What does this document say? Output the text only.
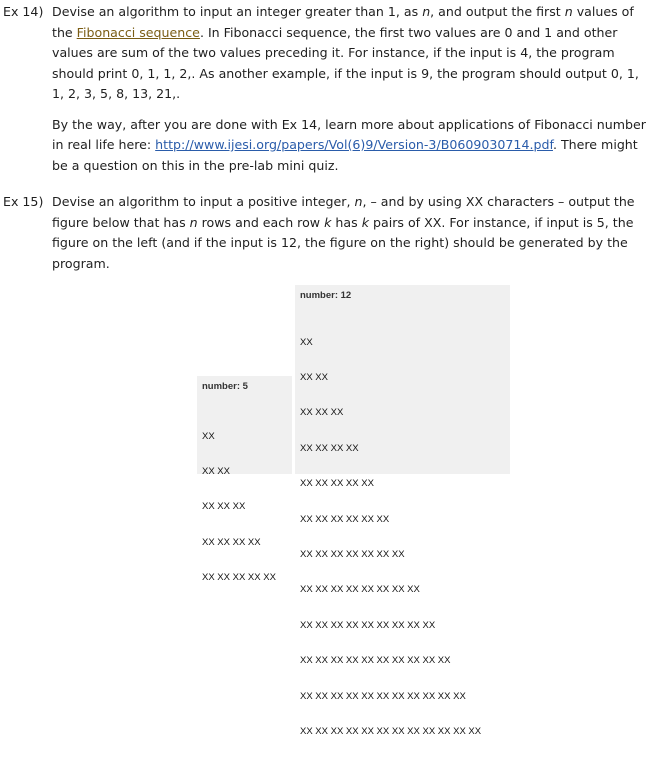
Ex 14) Devise an algorithm to input an integer greater than 1, as n, and output the first n values of the Fibonacci sequence. In Fibonacci sequence, the first two values are 0 and 1 and other values are sum of the two values preceding it. For instance, if the input is 4, the program should print 0, 1, 1, 2,. As another example, if the input is 9, the program should output 0, 1, 1, 2, 3, 5, 8, 13, 21,.

By the way, after you are done with Ex 14, learn more about applications of Fibonacci number in real life here: http://www.ijesi.org/papers/Vol(6)9/Version-3/B0609030714.pdf. There might be a question on this in the pre-lab mini quiz.

Ex 15) Devise an algorithm to input a positive integer, n, – and by using XX characters – output the figure below that has n rows and each row k has k pairs of XX. For instance, if input is 5, the figure on the left (and if the input is 12, the figure on the right) should be generated by the program.

number: 5

XX

XX XX

XX XX XX

XX XX XX XX

XX XX XX XX XX

number: 12

XX

XX XX

XX XX XX

XX XX XX XX

XX XX XX XX XX

XX XX XX XX XX XX

XX XX XX XX XX XX XX

XX XX XX XX XX XX XX XX

XX XX XX XX XX XX XX XX XX

XX XX XX XX XX XX XX XX XX XX

XX XX XX XX XX XX XX XX XX XX XX

XX XX XX XX XX XX XX XX XX XX XX XX
